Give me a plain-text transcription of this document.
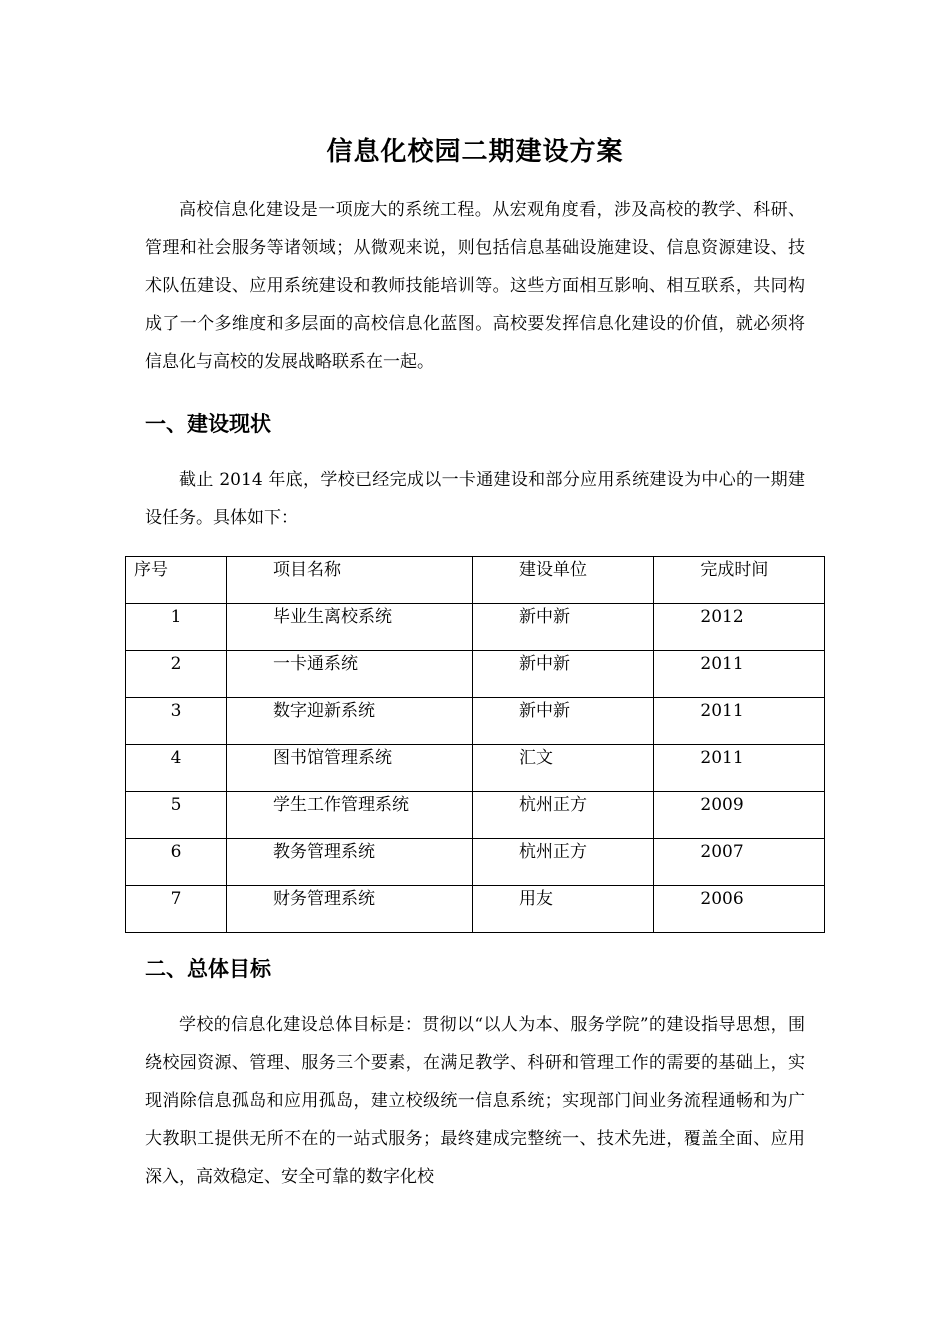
信息化校园二期建设方案

高校信息化建设是一项庞大的系统工程。从宏观角度看，涉及高校的教学、科研、管理和社会服务等诸领域；从微观来说，则包括信息基础设施建设、信息资源建设、技术队伍建设、应用系统建设和教师技能培训等。这些方面相互影响、相互联系，共同构成了一个多维度和多层面的高校信息化蓝图。高校要发挥信息化建设的价值，就必须将信息化与高校的发展战略联系在一起。

一、建设现状

截止 2014 年底，学校已经完成以一卡通建设和部分应用系统建设为中心的一期建设任务。具体如下：

序号	项目名称	建设单位	完成时间

1	毕业生离校系统	新中新	2012

2	一卡通系统	新中新	2011

3	数字迎新系统	新中新	2011

4	图书馆管理系统	汇文	2011

5	学生工作管理系统	杭州正方	2009

6	教务管理系统	杭州正方	2007

7	财务管理系统	用友	2006
二、总体目标

学校的信息化建设总体目标是：贯彻以“以人为本、服务学院”的建设指导思想，围绕校园资源、管理、服务三个要素，在满足教学、科研和管理工作的需要的基础上，实现消除信息孤岛和应用孤岛，建立校级统一信息系统；实现部门间业务流程通畅和为广大教职工提供无所不在的一站式服务；最终建成完整统一、技术先进，覆盖全面、应用深入，高效稳定、安全可靠的数字化校
